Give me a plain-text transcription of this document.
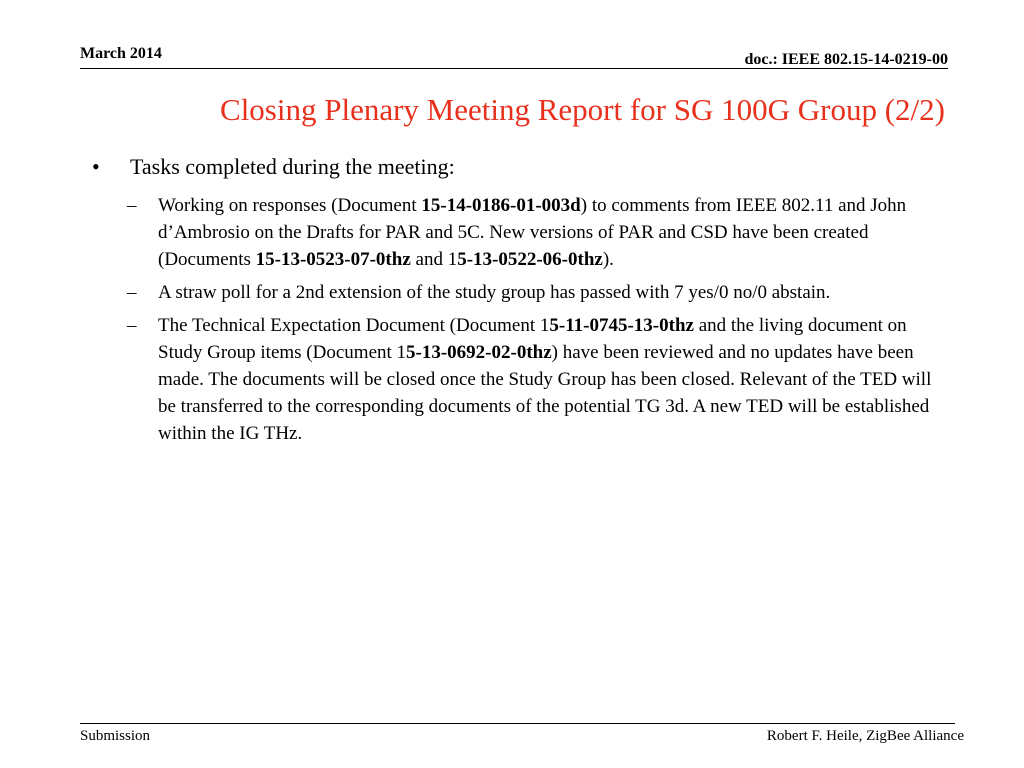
March 2014	doc.: IEEE 802.15-14-0219-00
Closing Plenary Meeting Report for SG 100G Group (2/2)
• Tasks completed during the meeting:
– Working on responses (Document 15-14-0186-01-003d) to comments from IEEE 802.11 and John d’Ambrosio on the Drafts for PAR and 5C. New versions of PAR and CSD have been created (Documents 15-13-0523-07-0thz and 15-13-0522-06-0thz).
– A straw poll for a 2nd extension of the study group has passed with 7 yes/0 no/0 abstain.
– The Technical Expectation Document (Document 15-11-0745-13-0thz and the living document on Study Group items (Document 15-13-0692-02-0thz) have been reviewed and no updates have been made. The documents will be closed once the Study Group has been closed. Relevant of the TED will be transferred to the corresponding documents of the potential TG 3d. A new TED will be established within the IG THz.
Submission	Robert F. Heile, ZigBee Alliance
